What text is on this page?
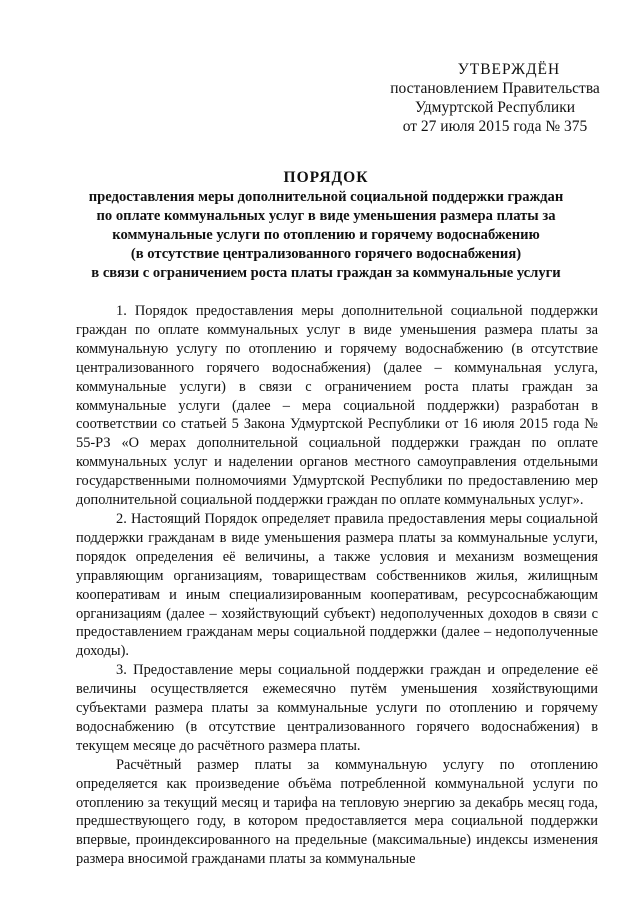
УТВЕРЖДЁН
постановлением Правительства
Удмуртской Республики
от 27 июля 2015 года № 375
ПОРЯДОК
предоставления меры дополнительной социальной поддержки граждан
по оплате коммунальных услуг в виде уменьшения размера платы за
коммунальные услуги по отоплению и горячему водоснабжению
(в отсутствие централизованного горячего водоснабжения)
в связи с ограничением роста платы граждан за коммунальные услуги

1. Порядок предоставления меры дополнительной социальной поддержки граждан по оплате коммунальных услуг в виде уменьшения размера платы за коммунальную услугу по отоплению и горячему водоснабжению (в отсутствие централизованного горячего водоснабжения) (далее – коммунальная услуга, коммунальные услуги) в связи с ограничением роста платы граждан за коммунальные услуги (далее – мера социальной поддержки) разработан в соответствии со статьей 5 Закона Удмуртской Республики от 16 июля 2015 года № 55-РЗ «О мерах дополнительной социальной поддержки граждан по оплате коммунальных услуг и наделении органов местного самоуправления отдельными государственными полномочиями Удмуртской Республики по предоставлению мер дополнительной социальной поддержки граждан по оплате коммунальных услуг».

2. Настоящий Порядок определяет правила предоставления меры социальной поддержки гражданам в виде уменьшения размера платы за коммунальные услуги, порядок определения её величины, а также условия и механизм возмещения управляющим организациям, товариществам собственников жилья, жилищным кооперативам и иным специализированным кооперативам, ресурсоснабжающим организациям (далее – хозяйствующий субъект) недополученных доходов в связи с предоставлением гражданам меры социальной поддержки (далее – недополученные доходы).

3. Предоставление меры социальной поддержки граждан и определение её величины осуществляется ежемесячно путём уменьшения хозяйствующими субъектами размера платы за коммунальные услуги по отоплению и горячему водоснабжению (в отсутствие централизованного горячего водоснабжения) в текущем месяце до расчётного размера платы.

Расчётный размер платы за коммунальную услугу по отоплению определяется как произведение объёма потребленной коммунальной услуги по отоплению за текущий месяц и тарифа на тепловую энергию за декабрь месяц года, предшествующего году, в котором предоставляется мера социальной поддержки впервые, проиндексированного на предельные (максимальные) индексы изменения размера вносимой гражданами платы за коммунальные
